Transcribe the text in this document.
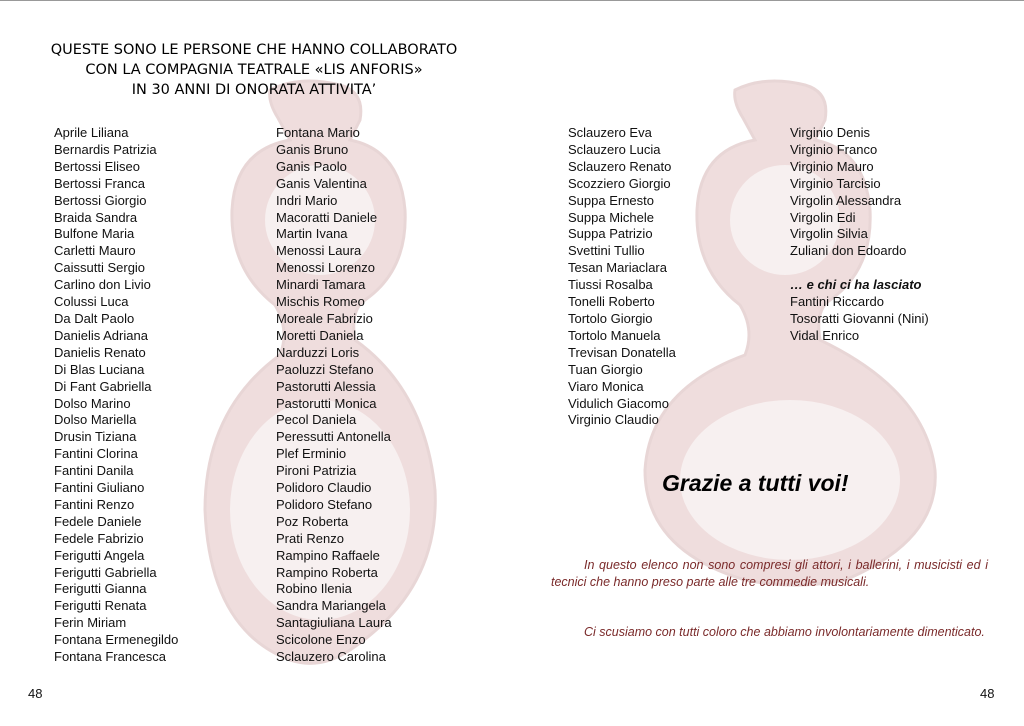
QUESTE SONO LE PERSONE CHE HANNO COLLABORATO
CON LA COMPAGNIA TEATRALE «LIS ANFORIS»
IN 30 ANNI DI ONORATA ATTIVITA’
Aprile Liliana
Bernardis Patrizia
Bertossi Eliseo
Bertossi Franca
Bertossi Giorgio
Braida Sandra
Bulfone Maria
Carletti Mauro
Caissutti Sergio
Carlino don Livio
Colussi Luca
Da Dalt Paolo
Danielis Adriana
Danielis Renato
Di Blas Luciana
Di Fant Gabriella
Dolso Marino
Dolso Mariella
Drusin Tiziana
Fantini Clorina
Fantini Danila
Fantini Giuliano
Fantini Renzo
Fedele Daniele
Fedele Fabrizio
Ferigutti Angela
Ferigutti Gabriella
Ferigutti Gianna
Ferigutti Renata
Ferin Miriam
Fontana Ermenegildo
Fontana Francesca
Fontana Mario
Ganis Bruno
Ganis Paolo
Ganis Valentina
Indri Mario
Macoratti Daniele
Martin Ivana
Menossi Laura
Menossi Lorenzo
Minardi Tamara
Mischis Romeo
Moreale Fabrizio
Moretti Daniela
Narduzzi Loris
Paoluzzi Stefano
Pastorutti Alessia
Pastorutti Monica
Pecol Daniela
Peressutti Antonella
Plef Erminio
Pironi Patrizia
Polidoro Claudio
Polidoro Stefano
Poz Roberta
Prati Renzo
Rampino Raffaele
Rampino Roberta
Robino Ilenia
Sandra Mariangela
Santagiuliana Laura
Scicolone Enzo
Sclauzero Carolina
Sclauzero Eva
Sclauzero Lucia
Sclauzero Renato
Scozziero Giorgio
Suppa Ernesto
Suppa Michele
Suppa Patrizio
Svettini Tullio
Tesan Mariaclara
Tiussi Rosalba
Tonelli Roberto
Tortolo Giorgio
Tortolo Manuela
Trevisan Donatella
Tuan Giorgio
Viaro Monica
Vidulich Giacomo
Virginio Claudio
Virginio Denis
Virginio Franco
Virginio Mauro
Virginio Tarcisio
Virgolin Alessandra
Virgolin Edi
Virgolin Silvia
Zuliani don Edoardo
… e chi ci ha lasciato
Fantini Riccardo
Tosoratti Giovanni (Nini)
Vidal Enrico
Grazie a tutti voi!

In questo elenco non sono compresi gli attori, i ballerini, i musicisti ed i tecnici che hanno preso parte alle tre commedie musicali.

Ci scusiamo con tutti coloro che abbiamo involontariamente dimenticato.

48	48
